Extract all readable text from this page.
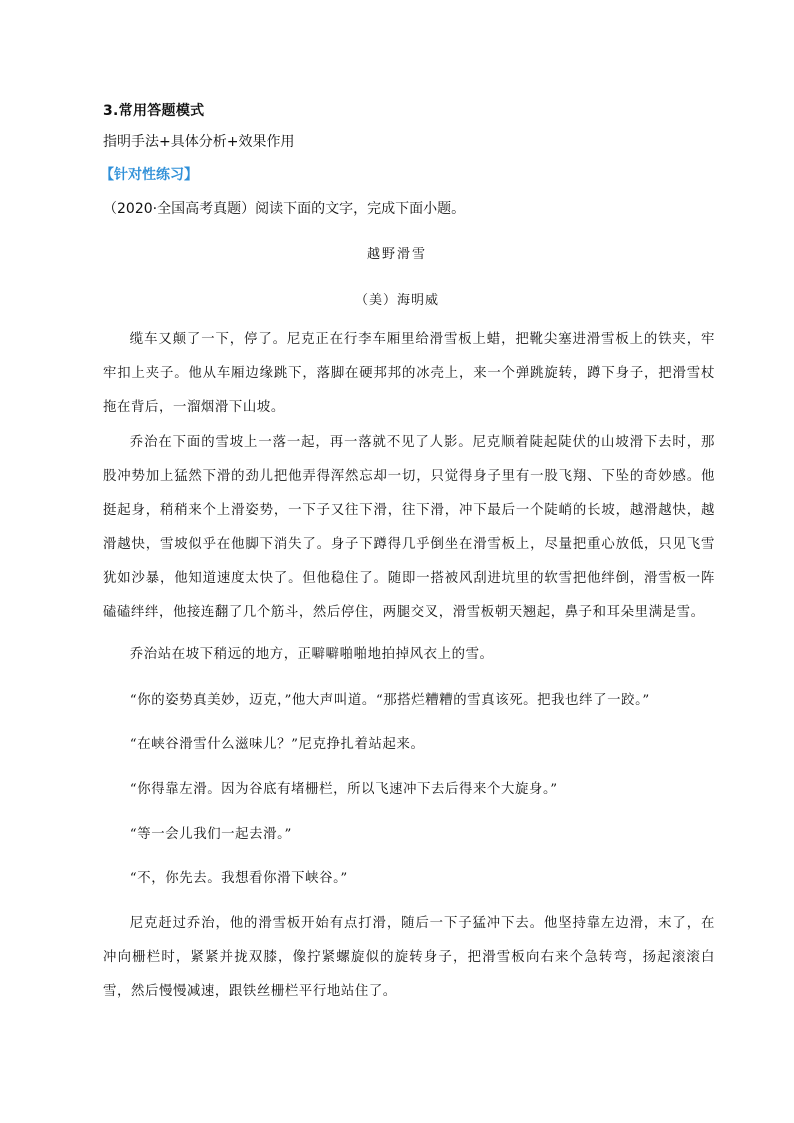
3.常用答题模式
指明手法+具体分析+效果作用
【针对性练习】
（2020·全国高考真题）阅读下面的文字，完成下面小题。
越野滑雪
（美）海明威

缆车又颠了一下，停了。尼克正在行李车厢里给滑雪板上蜡，把靴尖塞进滑雪板上的铁夹，牢牢扣上夹子。他从车厢边缘跳下，落脚在硬邦邦的冰壳上，来一个弹跳旋转，蹲下身子，把滑雪杖拖在背后，一溜烟滑下山坡。

乔治在下面的雪坡上一落一起，再一落就不见了人影。尼克顺着陡起陡伏的山坡滑下去时，那股冲势加上猛然下滑的劲儿把他弄得浑然忘却一切，只觉得身子里有一股飞翔、下坠的奇妙感。他挺起身，稍稍来个上滑姿势，一下子又往下滑，往下滑，冲下最后一个陡峭的长坡，越滑越快，越滑越快，雪坡似乎在他脚下消失了。身子下蹲得几乎倒坐在滑雪板上，尽量把重心放低，只见飞雪犹如沙暴，他知道速度太快了。但他稳住了。随即一搭被风刮进坑里的软雪把他绊倒，滑雪板一阵磕磕绊绊，他接连翻了几个筋斗，然后停住，两腿交叉，滑雪板朝天翘起，鼻子和耳朵里满是雪。

乔治站在坡下稍远的地方，正噼噼啪啪地拍掉风衣上的雪。

“你的姿势真美妙，迈克，”他大声叫道。“那搭烂糟糟的雪真该死。把我也绊了一跤。”

“在峡谷滑雪什么滋味儿？”尼克挣扎着站起来。

“你得靠左滑。因为谷底有堵栅栏，所以飞速冲下去后得来个大旋身。”

“等一会儿我们一起去滑。”

“不，你先去。我想看你滑下峡谷。”

尼克赶过乔治，他的滑雪板开始有点打滑，随后一下子猛冲下去。他坚持靠左边滑，末了，在冲向栅栏时，紧紧并拢双膝，像拧紧螺旋似的旋转身子，把滑雪板向右来个急转弯，扬起滚滚白雪，然后慢慢减速，跟铁丝栅栏平行地站住了。
